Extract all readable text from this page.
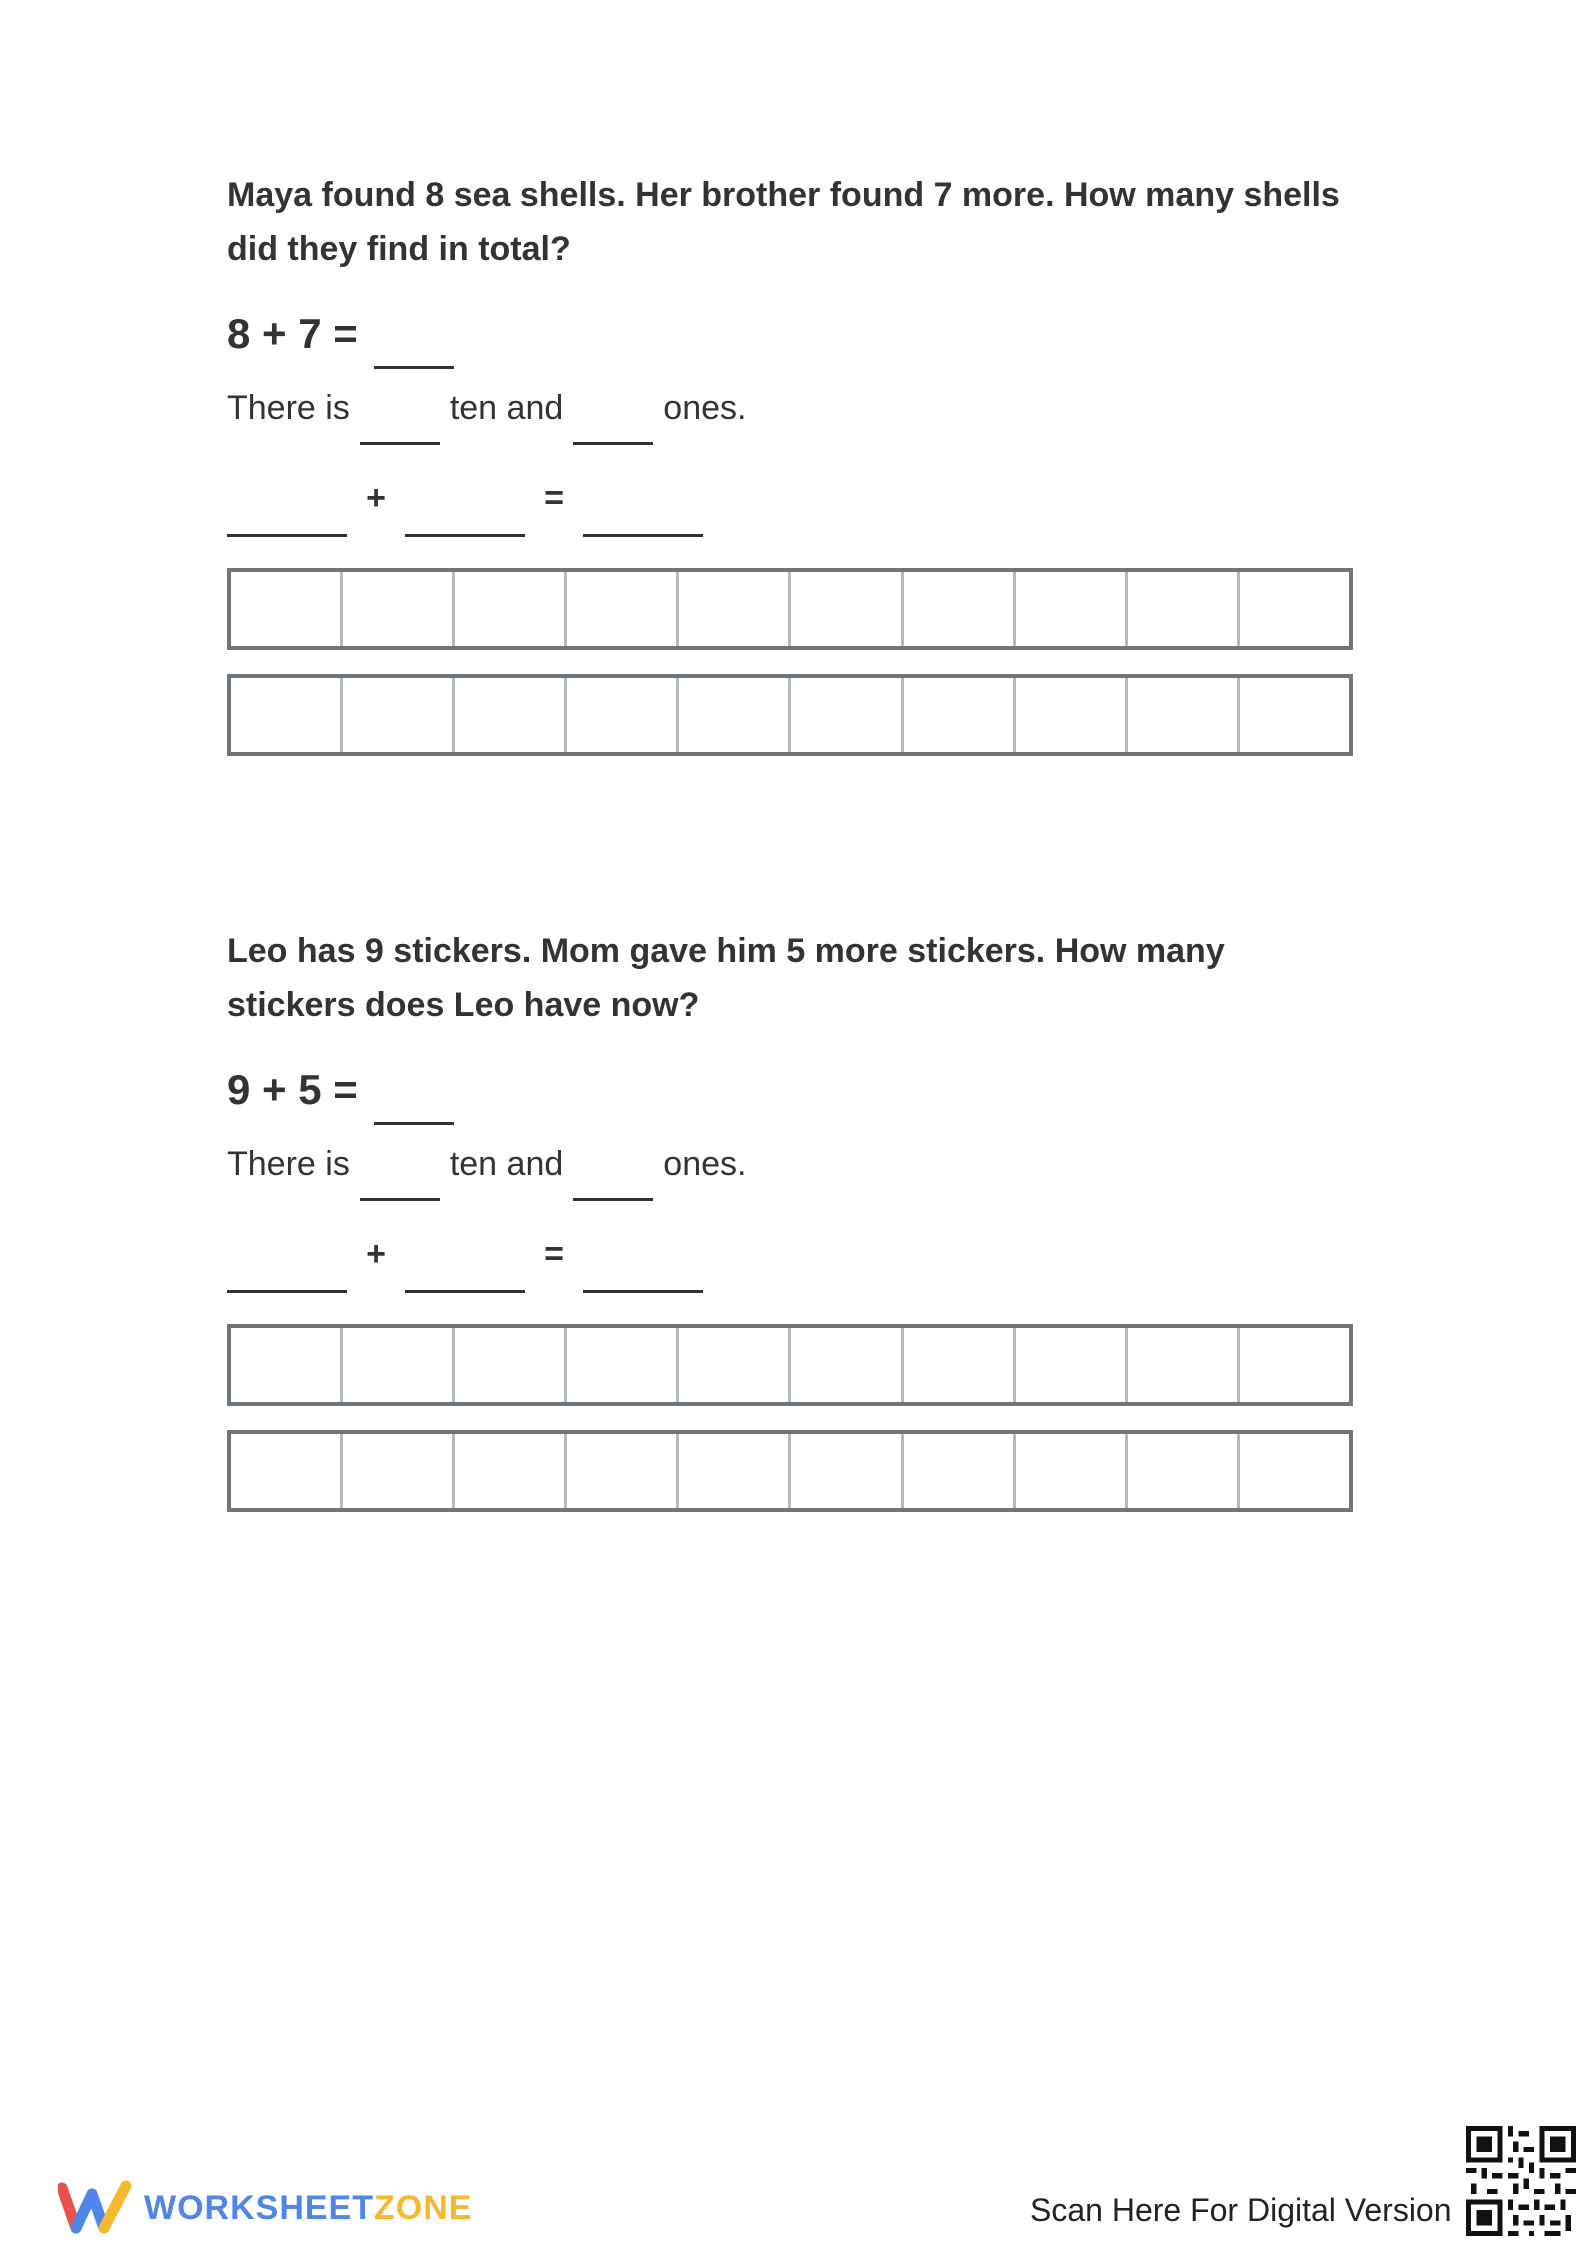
Maya found 8 sea shells. Her brother found 7 more. How many shells did they find in total?

8 + 7 =
There is	ten and	ones.
+	=

Leo has 9 stickers. Mom gave him 5 more stickers. How many stickers does Leo have now?

9 + 5 =
There is	ten and	ones.
+	=
WORKSHEETZONE	Scan Here For Digital Version
